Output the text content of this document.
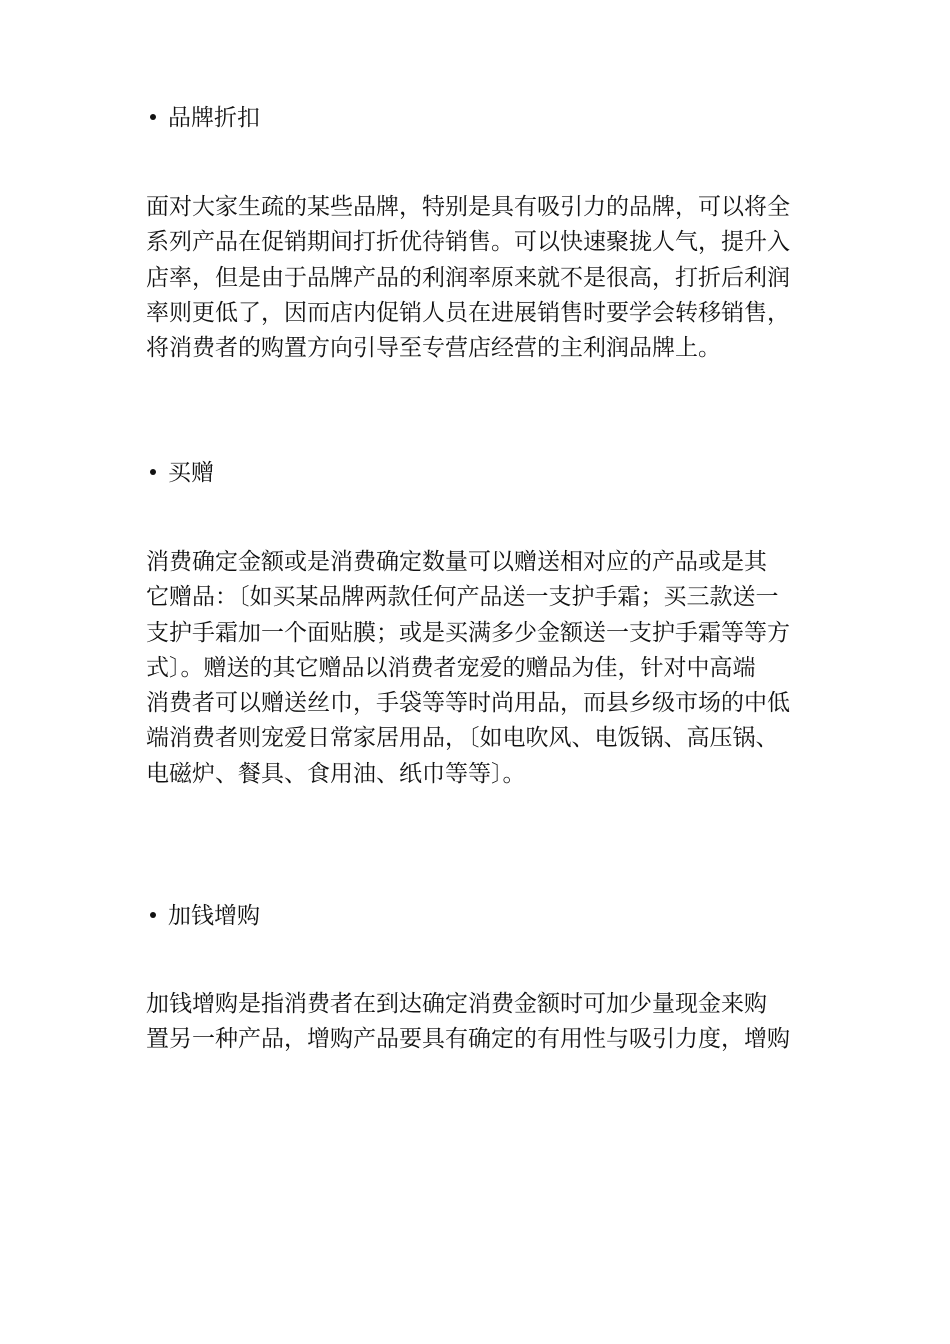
品牌折扣
面对大家生疏的某些品牌，特别是具有吸引力的品牌，可以将全
系列产品在促销期间打折优待销售。可以快速聚拢人气，提升入
店率，但是由于品牌产品的利润率原来就不是很高，打折后利润
率则更低了，因而店内促销人员在进展销售时要学会转移销售，
将消费者的购置方向引导至专营店经营的主利润品牌上。
买赠
消费确定金额或是消费确定数量可以赠送相对应的产品或是其
它赠品：〔如买某品牌两款任何产品送一支护手霜；买三款送一
支护手霜加一个面贴膜；或是买满多少金额送一支护手霜等等方
式〕。赠送的其它赠品以消费者宠爱的赠品为佳，针对中高端
消费者可以赠送丝巾，手袋等等时尚用品，而县乡级市场的中低
端消费者则宠爱日常家居用品，〔如电吹风、电饭锅、高压锅、
电磁炉、餐具、食用油、纸巾等等〕。
加钱增购
加钱增购是指消费者在到达确定消费金额时可加少量现金来购
置另一种产品，增购产品要具有确定的有用性与吸引力度，增购
